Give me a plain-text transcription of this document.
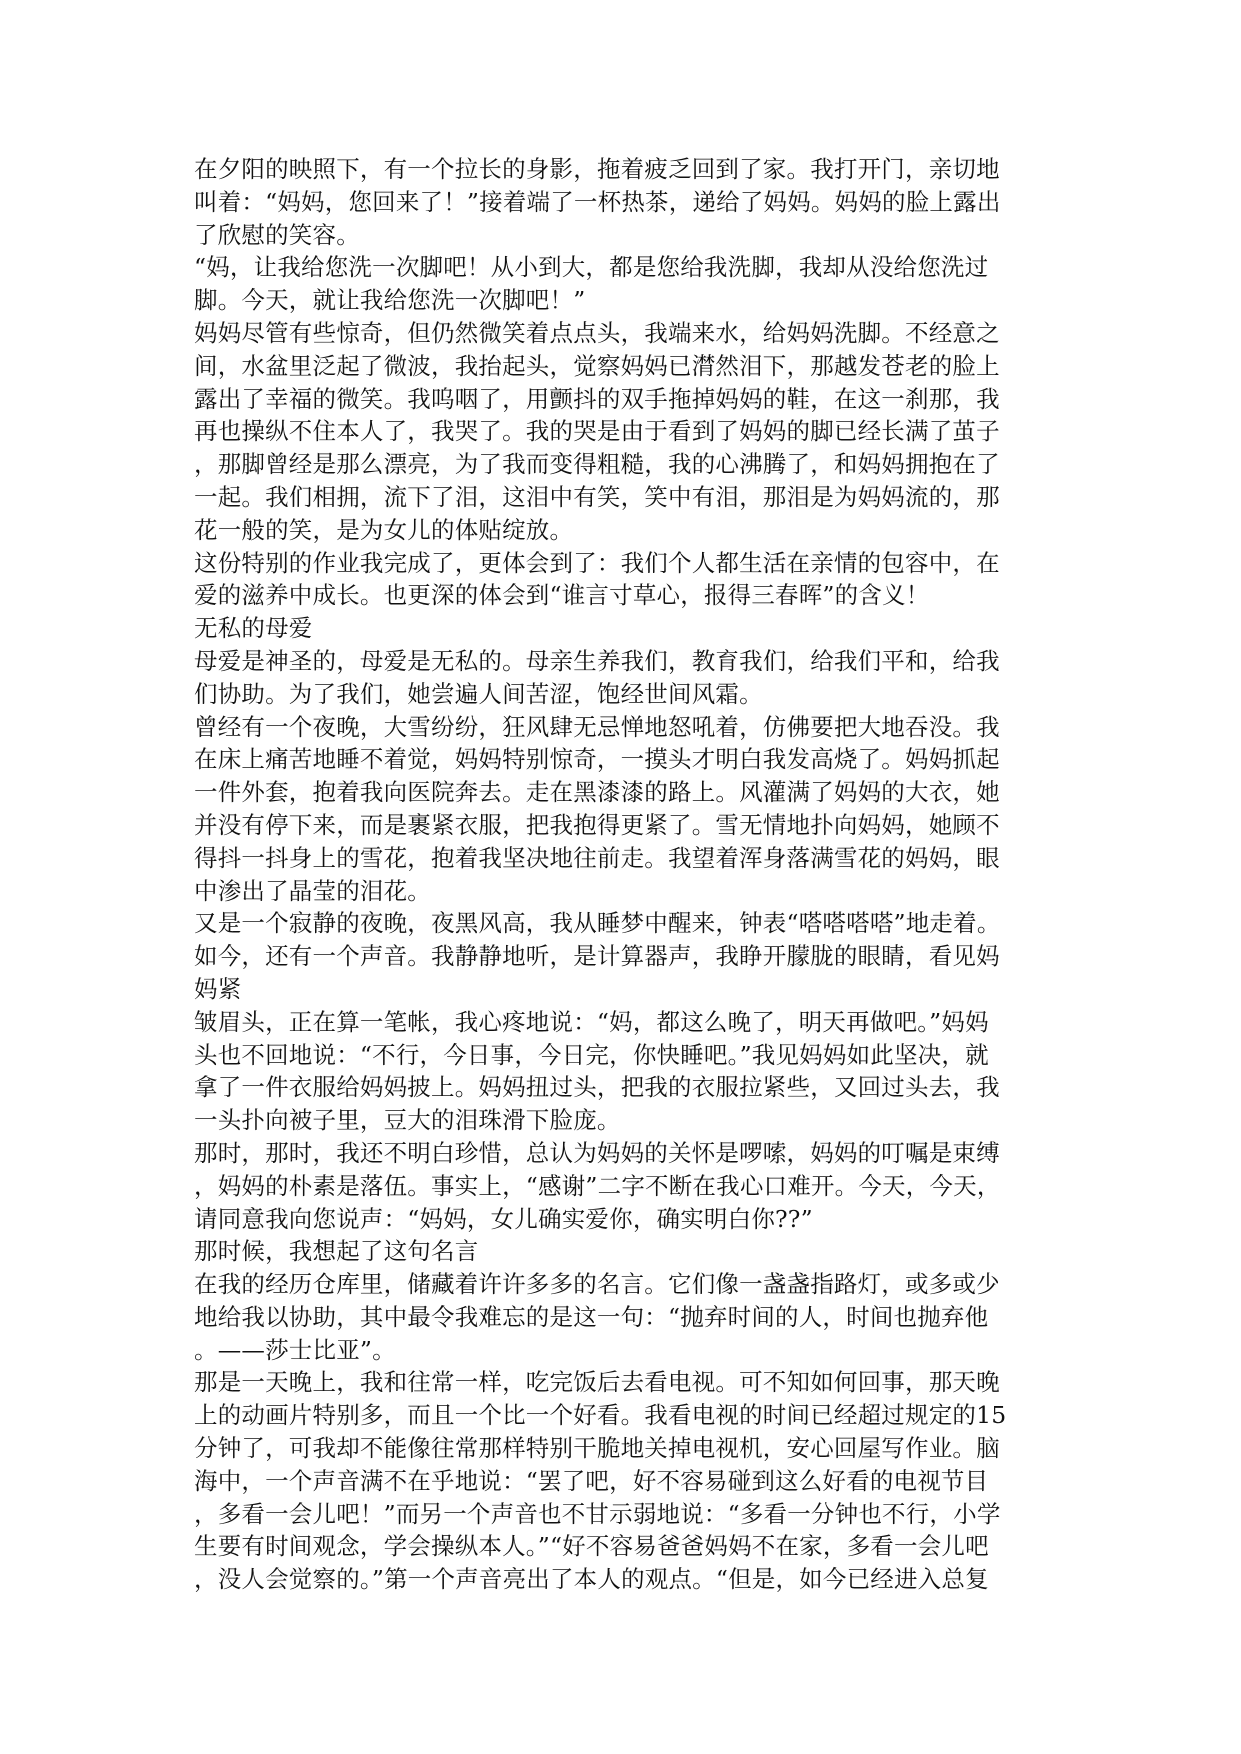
在夕阳的映照下，有一个拉长的身影，拖着疲乏回到了家。我打开门，亲切地
叫着：“妈妈，您回来了！”接着端了一杯热茶，递给了妈妈。妈妈的脸上露出
了欣慰的笑容。
“妈，让我给您洗一次脚吧！从小到大，都是您给我洗脚，我却从没给您洗过
脚。今天，就让我给您洗一次脚吧！”
妈妈尽管有些惊奇，但仍然微笑着点点头，我端来水，给妈妈洗脚。不经意之
间，水盆里泛起了微波，我抬起头，觉察妈妈已潸然泪下，那越发苍老的脸上
露出了幸福的微笑。我呜咽了，用颤抖的双手拖掉妈妈的鞋，在这一刹那，我
再也操纵不住本人了，我哭了。我的哭是由于看到了妈妈的脚已经长满了茧子
，那脚曾经是那么漂亮，为了我而变得粗糙，我的心沸腾了，和妈妈拥抱在了
一起。我们相拥，流下了泪，这泪中有笑，笑中有泪，那泪是为妈妈流的，那
花一般的笑，是为女儿的体贴绽放。
这份特别的作业我完成了，更体会到了：我们个人都生活在亲情的包容中，在
爱的滋养中成长。也更深的体会到“谁言寸草心，报得三春晖”的含义！
无私的母爱
母爱是神圣的，母爱是无私的。母亲生养我们，教育我们，给我们平和，给我
们协助。为了我们，她尝遍人间苦涩，饱经世间风霜。
曾经有一个夜晚，大雪纷纷，狂风肆无忌惮地怒吼着，仿佛要把大地吞没。我
在床上痛苦地睡不着觉，妈妈特别惊奇，一摸头才明白我发高烧了。妈妈抓起
一件外套，抱着我向医院奔去。走在黑漆漆的路上。风灌满了妈妈的大衣，她
并没有停下来，而是裹紧衣服，把我抱得更紧了。雪无情地扑向妈妈，她顾不
得抖一抖身上的雪花，抱着我坚决地往前走。我望着浑身落满雪花的妈妈，眼
中渗出了晶莹的泪花。
又是一个寂静的夜晚，夜黑风高，我从睡梦中醒来，钟表“嗒嗒嗒嗒”地走着。
如今，还有一个声音。我静静地听，是计算器声，我睁开朦胧的眼睛，看见妈
妈紧
皱眉头，正在算一笔帐，我心疼地说：“妈，都这么晚了，明天再做吧。”妈妈
头也不回地说：“不行，今日事，今日完，你快睡吧。”我见妈妈如此坚决，就
拿了一件衣服给妈妈披上。妈妈扭过头，把我的衣服拉紧些，又回过头去，我
一头扑向被子里，豆大的泪珠滑下脸庞。
那时，那时，我还不明白珍惜，总认为妈妈的关怀是啰嗦，妈妈的叮嘱是束缚
，妈妈的朴素是落伍。事实上，“感谢”二字不断在我心口难开。今天，今天，
请同意我向您说声：“妈妈，女儿确实爱你，确实明白你??”
那时候，我想起了这句名言
在我的经历仓库里，储藏着许许多多的名言。它们像一盏盏指路灯，或多或少
地给我以协助，其中最令我难忘的是这一句：“抛弃时间的人，时间也抛弃他
。——莎士比亚”。
那是一天晚上，我和往常一样，吃完饭后去看电视。可不知如何回事，那天晚
上的动画片特别多，而且一个比一个好看。我看电视的时间已经超过规定的15
分钟了，可我却不能像往常那样特别干脆地关掉电视机，安心回屋写作业。脑
海中，一个声音满不在乎地说：“罢了吧，好不容易碰到这么好看的电视节目
，多看一会儿吧！”而另一个声音也不甘示弱地说：“多看一分钟也不行，小学
生要有时间观念，学会操纵本人。”“好不容易爸爸妈妈不在家，多看一会儿吧
，没人会觉察的。”第一个声音亮出了本人的观点。“但是，如今已经进入总复
